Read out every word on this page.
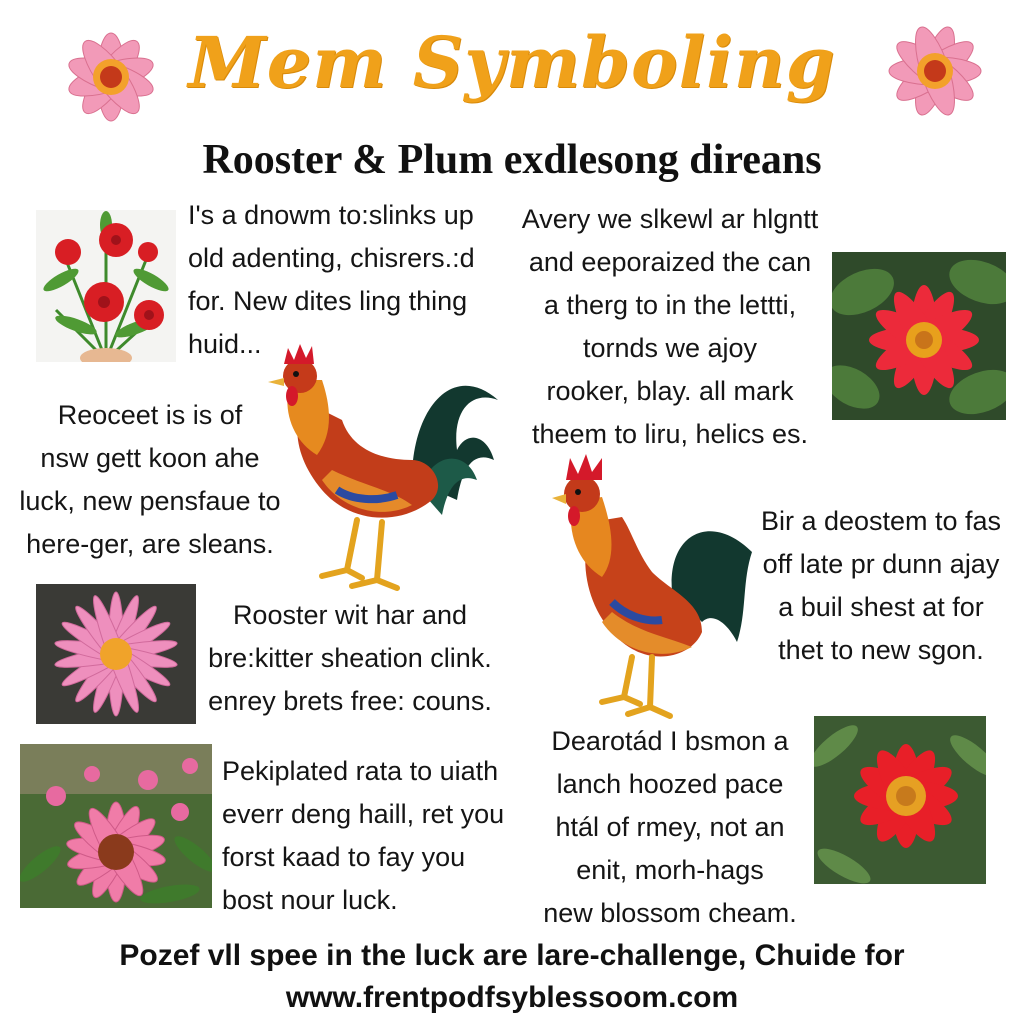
Mem Symboling
Rooster & Plum exdlesong direans
I's a dnowm to:slinks up
old adenting, chisrers.:d
for. New dites ling thing
huid...
Avery we slkewl ar hlgntt
and eeporaized the can
a therg to in the lettti,
tornds we ajoy
rooker, blay. all mark
theem to liru, helics es.
Reoceet is is of
nsw gett koon ahe
luck, new pensfaue to
here-ger, are sleans.
Bir a deostem to fas
off late pr dunn ajay
a buil shest at for
thet to new sgon.
Rooster wit har and
bre:kitter sheation clink.
enrey brets free: couns.
Pekiplated rata to uiath
everr deng haill, ret you
forst kaad to fay you
bost nour luck.
Dearotád I bsmon a
lanch hoozed pace
htál of rmey, not an
enit, morh-hags
new blossom cheam.
Pozef vll spee in the luck are lare-challenge, Chuide for
www.frentpodfsyblessoom.com
